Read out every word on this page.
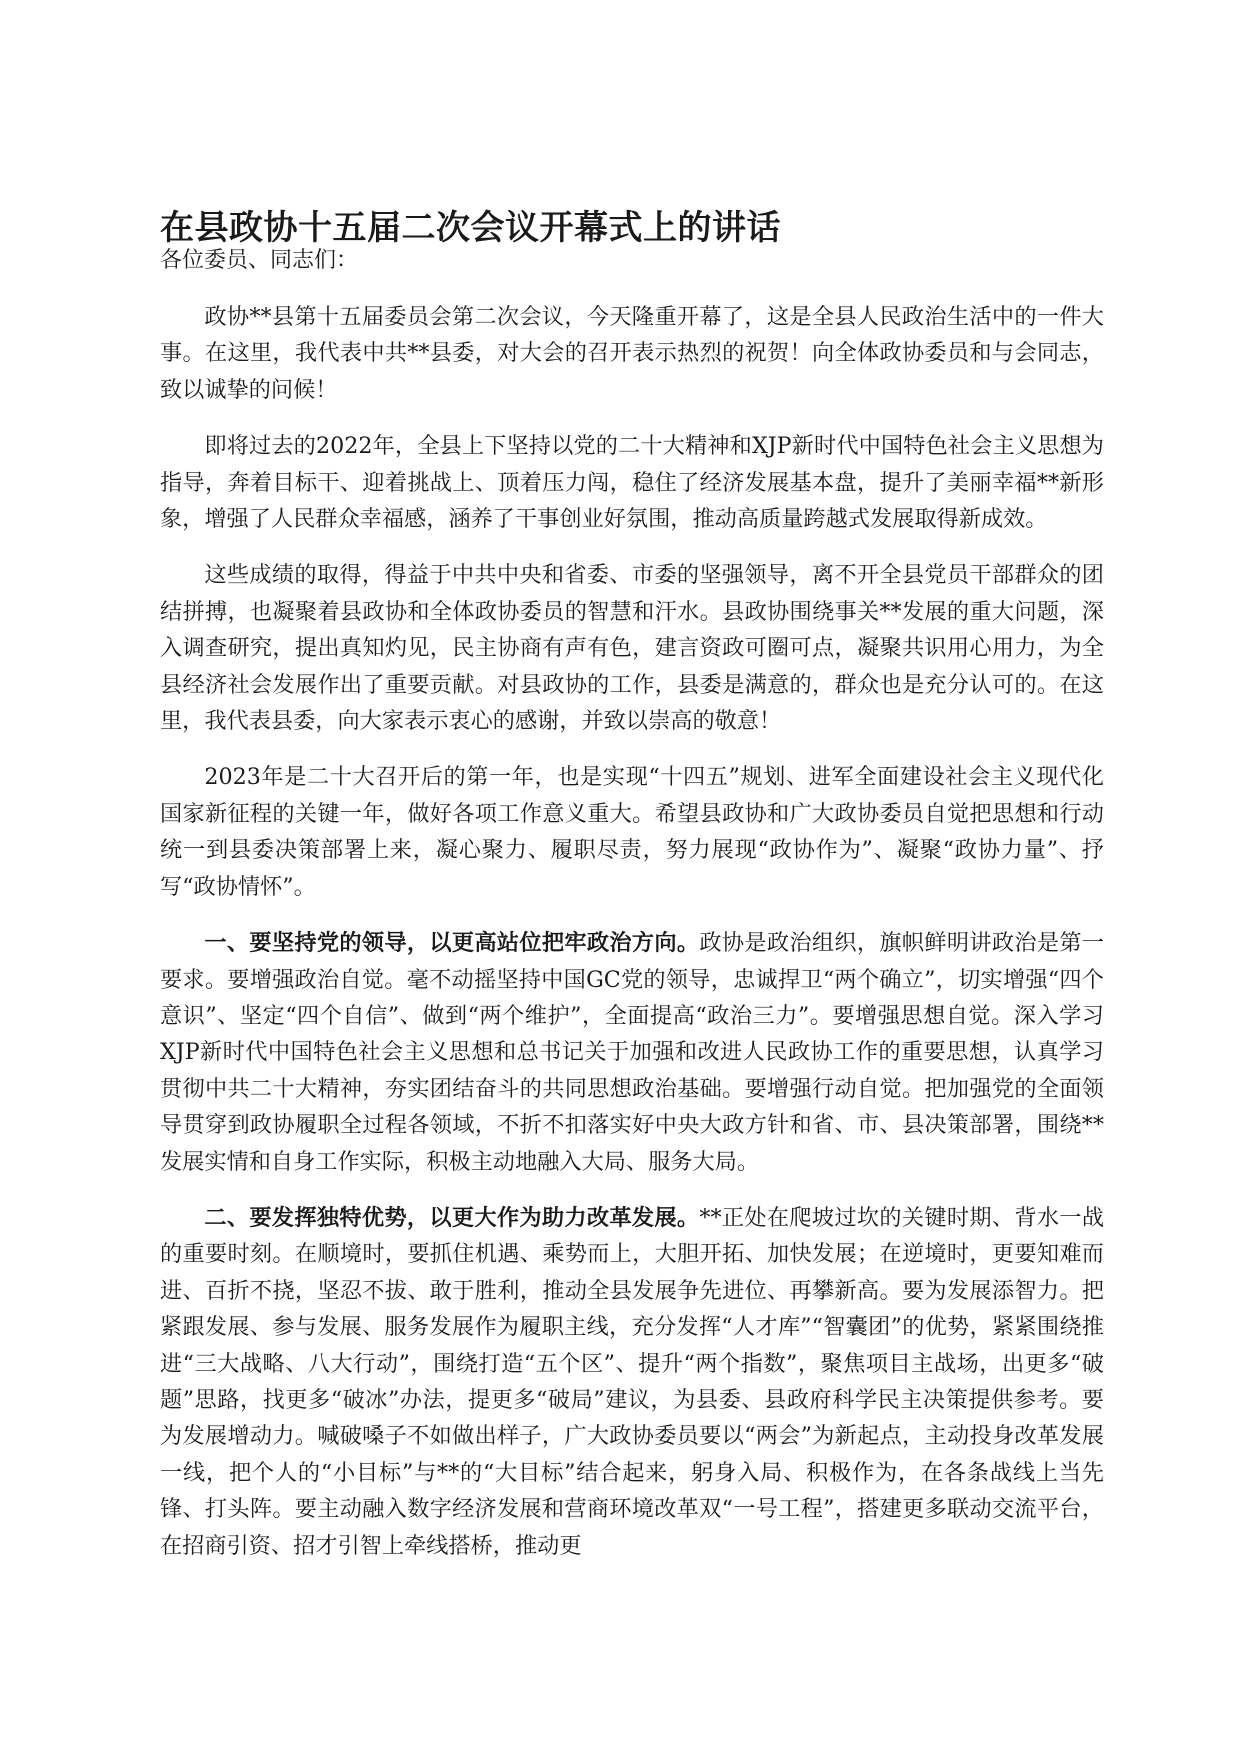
在县政协十五届二次会议开幕式上的讲话

各位委员、同志们：

政协**县第十五届委员会第二次会议，今天隆重开幕了，这是全县人民政治生活中的一件大事。在这里，我代表中共**县委，对大会的召开表示热烈的祝贺！向全体政协委员和与会同志，致以诚挚的问候！

即将过去的2022年，全县上下坚持以党的二十大精神和XJP新时代中国特色社会主义思想为指导，奔着目标干、迎着挑战上、顶着压力闯，稳住了经济发展基本盘，提升了美丽幸福**新形象，增强了人民群众幸福感，涵养了干事创业好氛围，推动高质量跨越式发展取得新成效。

这些成绩的取得，得益于中共中央和省委、市委的坚强领导，离不开全县党员干部群众的团结拼搏，也凝聚着县政协和全体政协委员的智慧和汗水。县政协围绕事关**发展的重大问题，深入调查研究，提出真知灼见，民主协商有声有色，建言资政可圈可点，凝聚共识用心用力，为全县经济社会发展作出了重要贡献。对县政协的工作，县委是满意的，群众也是充分认可的。在这里，我代表县委，向大家表示衷心的感谢，并致以崇高的敬意！

2023年是二十大召开后的第一年，也是实现“十四五”规划、进军全面建设社会主义现代化国家新征程的关键一年，做好各项工作意义重大。希望县政协和广大政协委员自觉把思想和行动统一到县委决策部署上来，凝心聚力、履职尽责，努力展现“政协作为”、凝聚“政协力量”、抒写“政协情怀”。

一、要坚持党的领导，以更高站位把牢政治方向。政协是政治组织，旗帜鲜明讲政治是第一要求。要增强政治自觉。毫不动摇坚持中国GC党的领导，忠诚捍卫“两个确立”，切实增强“四个意识”、坚定“四个自信”、做到“两个维护”，全面提高“政治三力”。要增强思想自觉。深入学习XJP新时代中国特色社会主义思想和总书记关于加强和改进人民政协工作的重要思想，认真学习贯彻中共二十大精神，夯实团结奋斗的共同思想政治基础。要增强行动自觉。把加强党的全面领导贯穿到政协履职全过程各领域，不折不扣落实好中央大政方针和省、市、县决策部署，围绕**发展实情和自身工作实际，积极主动地融入大局、服务大局。

二、要发挥独特优势，以更大作为助力改革发展。**正处在爬坡过坎的关键时期、背水一战的重要时刻。在顺境时，要抓住机遇、乘势而上，大胆开拓、加快发展；在逆境时，更要知难而进、百折不挠，坚忍不拔、敢于胜利，推动全县发展争先进位、再攀新高。要为发展添智力。把紧跟发展、参与发展、服务发展作为履职主线，充分发挥“人才库”“智囊团”的优势，紧紧围绕推进“三大战略、八大行动”，围绕打造“五个区”、提升“两个指数”，聚焦项目主战场，出更多“破题”思路，找更多“破冰”办法，提更多“破局”建议，为县委、县政府科学民主决策提供参考。要为发展增动力。喊破嗓子不如做出样子，广大政协委员要以“两会”为新起点，主动投身改革发展一线，把个人的“小目标”与**的“大目标”结合起来，躬身入局、积极作为，在各条战线上当先锋、打头阵。要主动融入数字经济发展和营商环境改革双“一号工程”，搭建更多联动交流平台，在招商引资、招才引智上牵线搭桥，推动更
